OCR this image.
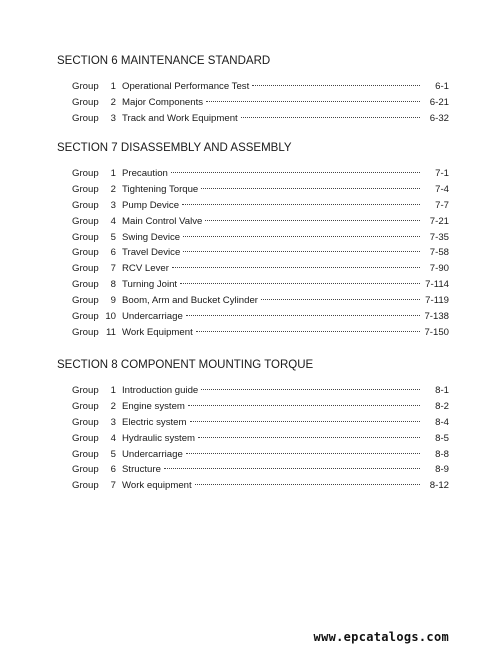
SECTION 6 MAINTENANCE STANDARD
Group	1 Operational Performance Test	6-1
Group	2 Major Components	6-21
Group	3 Track and Work Equipment	6-32
SECTION 7 DISASSEMBLY AND ASSEMBLY
Group	1 Precaution	7-1
Group	2 Tightening Torque	7-4
Group	3 Pump Device	7-7
Group	4 Main Control Valve	7-21
Group	5 Swing Device	7-35
Group	6 Travel Device	7-58
Group	7 RCV Lever	7-90
Group	8 Turning Joint	7-114
Group	9 Boom, Arm and Bucket Cylinder	7-119
Group 10 Undercarriage	7-138
Group 11 Work Equipment	7-150
SECTION 8 COMPONENT MOUNTING TORQUE
Group	1 Introduction guide	8-1
Group	2 Engine system	8-2
Group	3 Electric system	8-4
Group	4 Hydraulic system	8-5
Group	5 Undercarriage	8-8
Group	6 Structure	8-9
Group	7 Work equipment	8-12
www.epcatalogs.com
